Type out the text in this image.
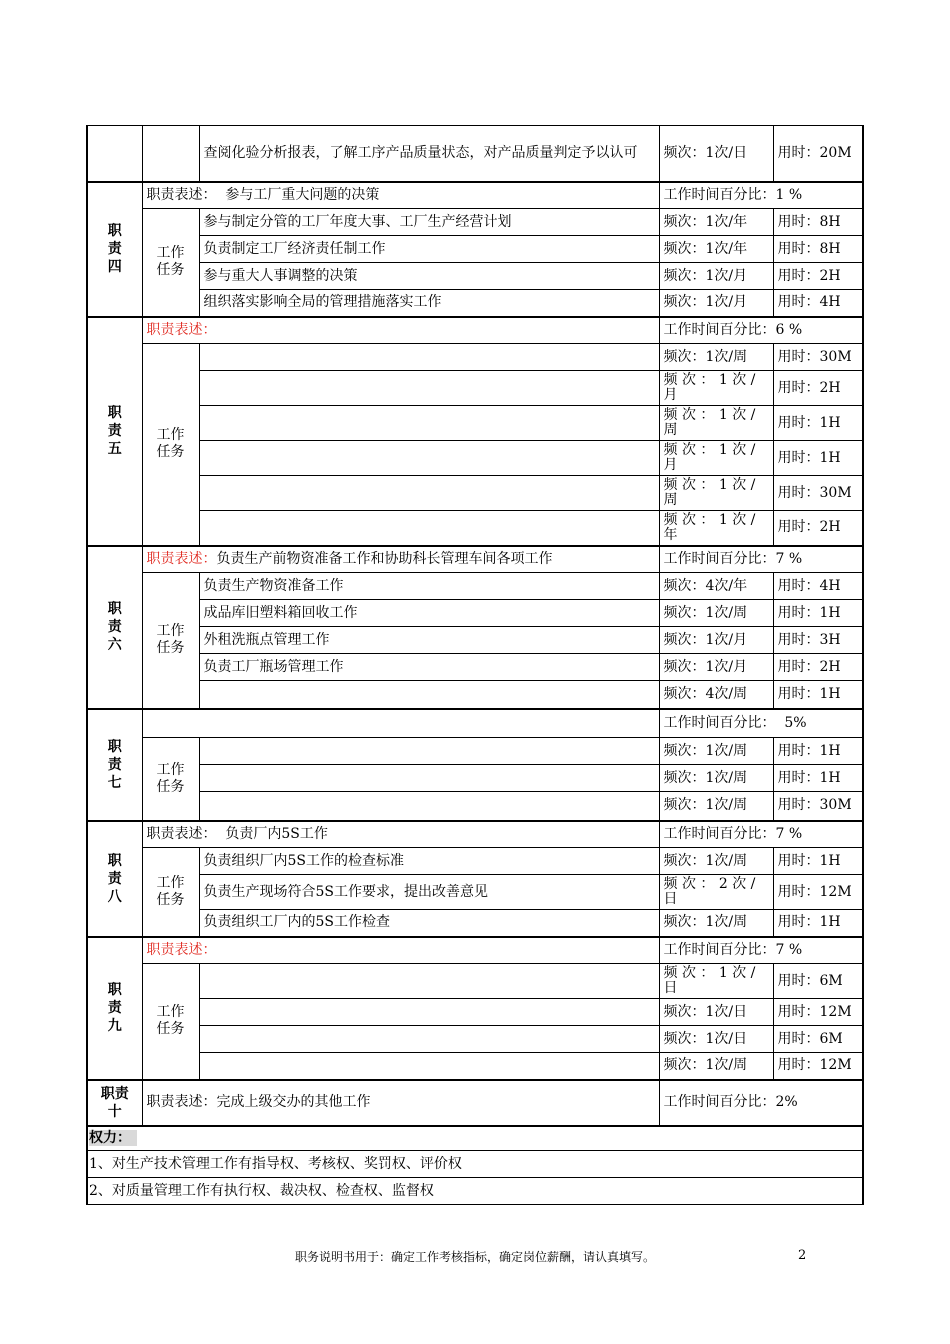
		查阅化验分析报表，了解工序产品质量状态，对产品质量判定予以认可	频次：1次/日	用时：20M
职责四	职责表述：  参与工厂重大问题的决策		工作时间百分比：1 %	
	工作任务	参与制定分管的工厂年度大事、工厂生产经营计划	频次：1次/年	用时：8H
		负责制定工厂经济责任制工作	频次：1次/年	用时：8H
		参与重大人事调整的决策	频次：1次/月	用时：2H
		组织落实影响全局的管理措施落实工作	频次：1次/月	用时：4H
职责五	职责表述：		工作时间百分比：6 %	
	工作任务		频次：1次/周	用时：30M
			频 次 ： 1 次 /月	用时：2H
			频 次 ： 1 次 /周	用时：1H
			频 次 ： 1 次 /月	用时：1H
			频 次 ： 1 次 /周	用时：30M
			频 次 ： 1 次 /年	用时：2H
职责六	职责表述：负责生产前物资准备工作和协助科长管理车间各项工作		工作时间百分比：7 %	
	工作任务	负责生产物资准备工作	频次：4次/年	用时：4H
		成品库旧塑料箱回收工作	频次：1次/周	用时：1H
		外租洗瓶点管理工作	频次：1次/月	用时：3H
		负责工厂瓶场管理工作	频次：1次/月	用时：2H
			频次：4次/周	用时：1H
职责七			工作时间百分比：  5%	
	工作任务		频次：1次/周	用时：1H
			频次：1次/周	用时：1H
			频次：1次/周	用时：30M
职责八	职责表述：  负责厂内5S工作		工作时间百分比：7 %	
	工作任务	负责组织厂内5S工作的检查标准	频次：1次/周	用时：1H
		负责生产现场符合5S工作要求，提出改善意见	频 次 ： 2 次 /日	用时：12M
		负责组织工厂内的5S工作检查	频次：1次/周	用时：1H
职责九	职责表述：		工作时间百分比：7 %	
	工作任务		频 次 ： 1 次 /日	用时：6M
			频次：1次/日	用时：12M
			频次：1次/日	用时：6M
			频次：1次/周	用时：12M
职责十	职责表述：完成上级交办的其他工作		工作时间百分比：2%	
权力：				
1、对生产技术管理工作有指导权、考核权、奖罚权、评价权				
2、对质量管理工作有执行权、裁决权、检查权、监督权				
职务说明书用于：确定工作考核指标，确定岗位薪酬，请认真填写。	2
